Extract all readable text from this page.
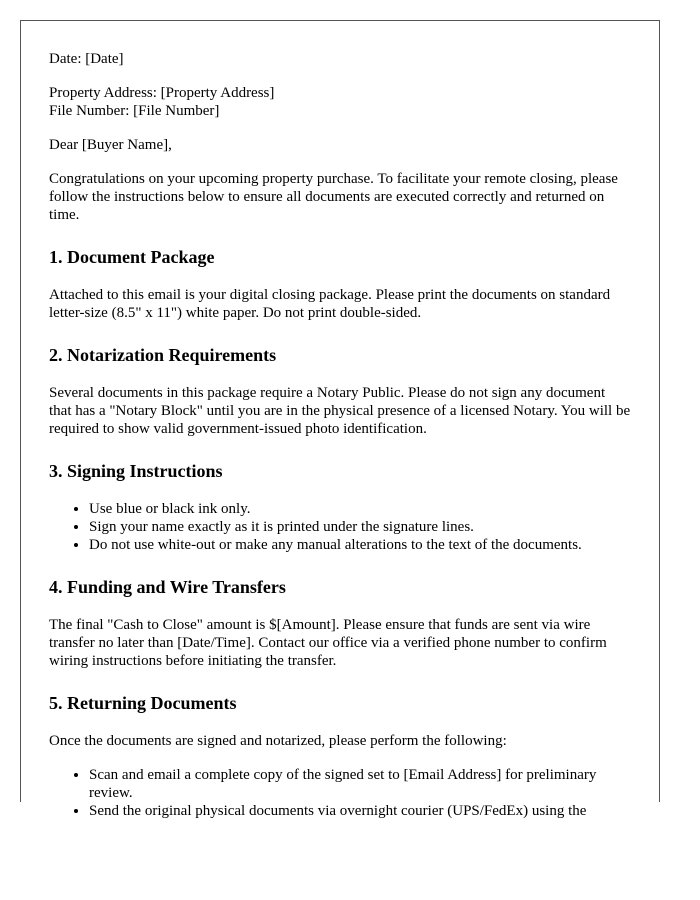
Date: [Date]

Property Address: [Property Address]
File Number: [File Number]

Dear [Buyer Name],

Congratulations on your upcoming property purchase. To facilitate your remote closing, please follow the instructions below to ensure all documents are executed correctly and returned on time.

1. Document Package

Attached to this email is your digital closing package. Please print the documents on standard letter-size (8.5" x 11") white paper. Do not print double-sided.

2. Notarization Requirements

Several documents in this package require a Notary Public. Please do not sign any document that has a "Notary Block" until you are in the physical presence of a licensed Notary. You will be required to show valid government-issued photo identification.

3. Signing Instructions
• Use blue or black ink only.
• Sign your name exactly as it is printed under the signature lines.
• Do not use white-out or make any manual alterations to the text of the documents.
4. Funding and Wire Transfers

The final "Cash to Close" amount is $[Amount]. Please ensure that funds are sent via wire transfer no later than [Date/Time]. Contact our office via a verified phone number to confirm wiring instructions before initiating the transfer.

5. Returning Documents

Once the documents are signed and notarized, please perform the following:

• Scan and email a complete copy of the signed set to [Email Address] for preliminary review.
• Send the original physical documents via overnight courier (UPS/FedEx) using the
